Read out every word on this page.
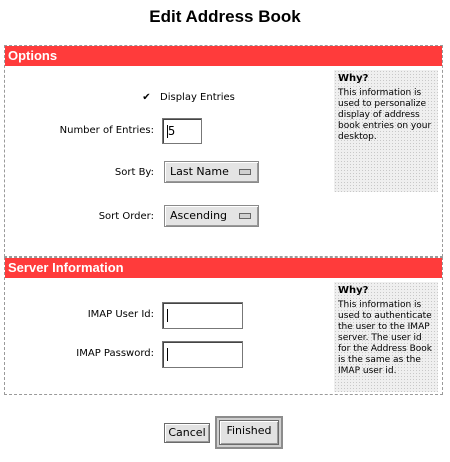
Edit Address Book
Options
Why?
This information is used to personalize display of address book entries on your desktop.
✔ Display Entries
Number of Entries:	5
Sort By:	Last Name
Sort Order:	Ascending
Server Information
Why?
This information is used to authenticate the user to the IMAP server. The user id for the Address Book is the same as the IMAP user id.
IMAP User Id:
IMAP Password:
Cancel	Finished
